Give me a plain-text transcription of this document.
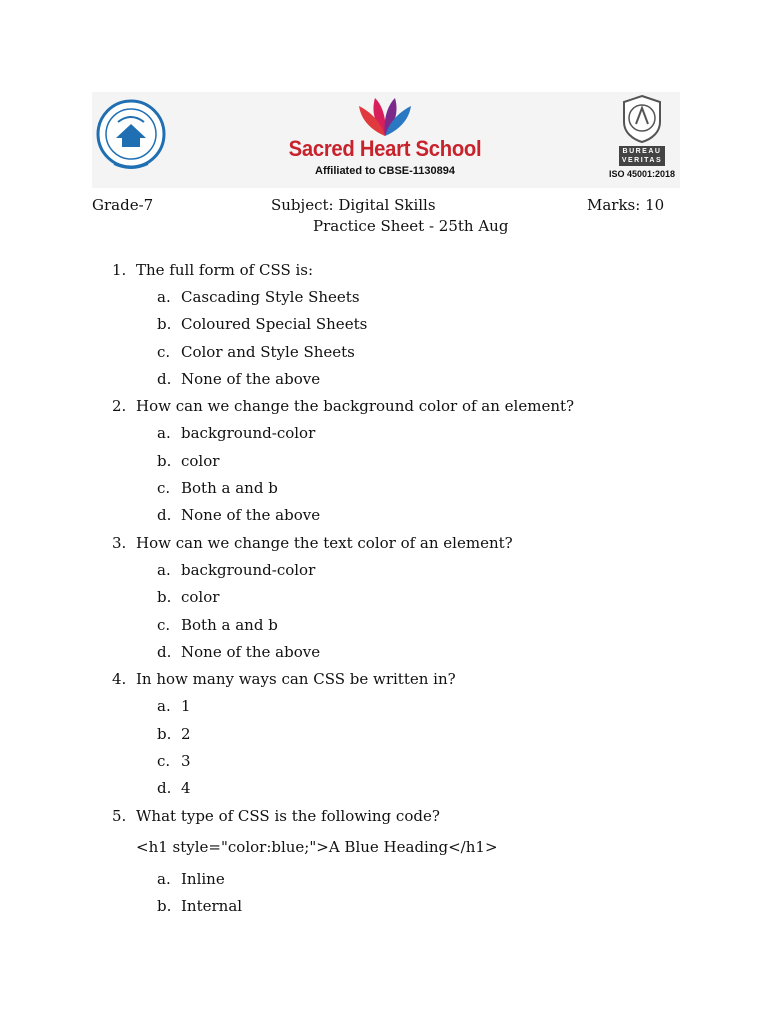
Sacred Heart School
Affiliated to CBSE-1130894
BUREAU
VERITAS
ISO 45001:2018
Grade-7	Subject: Digital Skills	Marks: 10
Practice Sheet - 25th Aug
1. The full form of CSS is:
a. Cascading Style Sheets
b. Coloured Special Sheets
c. Color and Style Sheets
d. None of the above
2. How can we change the background color of an element?
a. background-color
b. color
c. Both a and b
d. None of the above
3. How can we change the text color of an element?
a. background-color
b. color
c. Both a and b
d. None of the above
4. In how many ways can CSS be written in?
a. 1
b. 2
c. 3
d. 4
5. What type of CSS is the following code?
<h1 style="color:blue;">A Blue Heading</h1>
a. Inline
b. Internal
